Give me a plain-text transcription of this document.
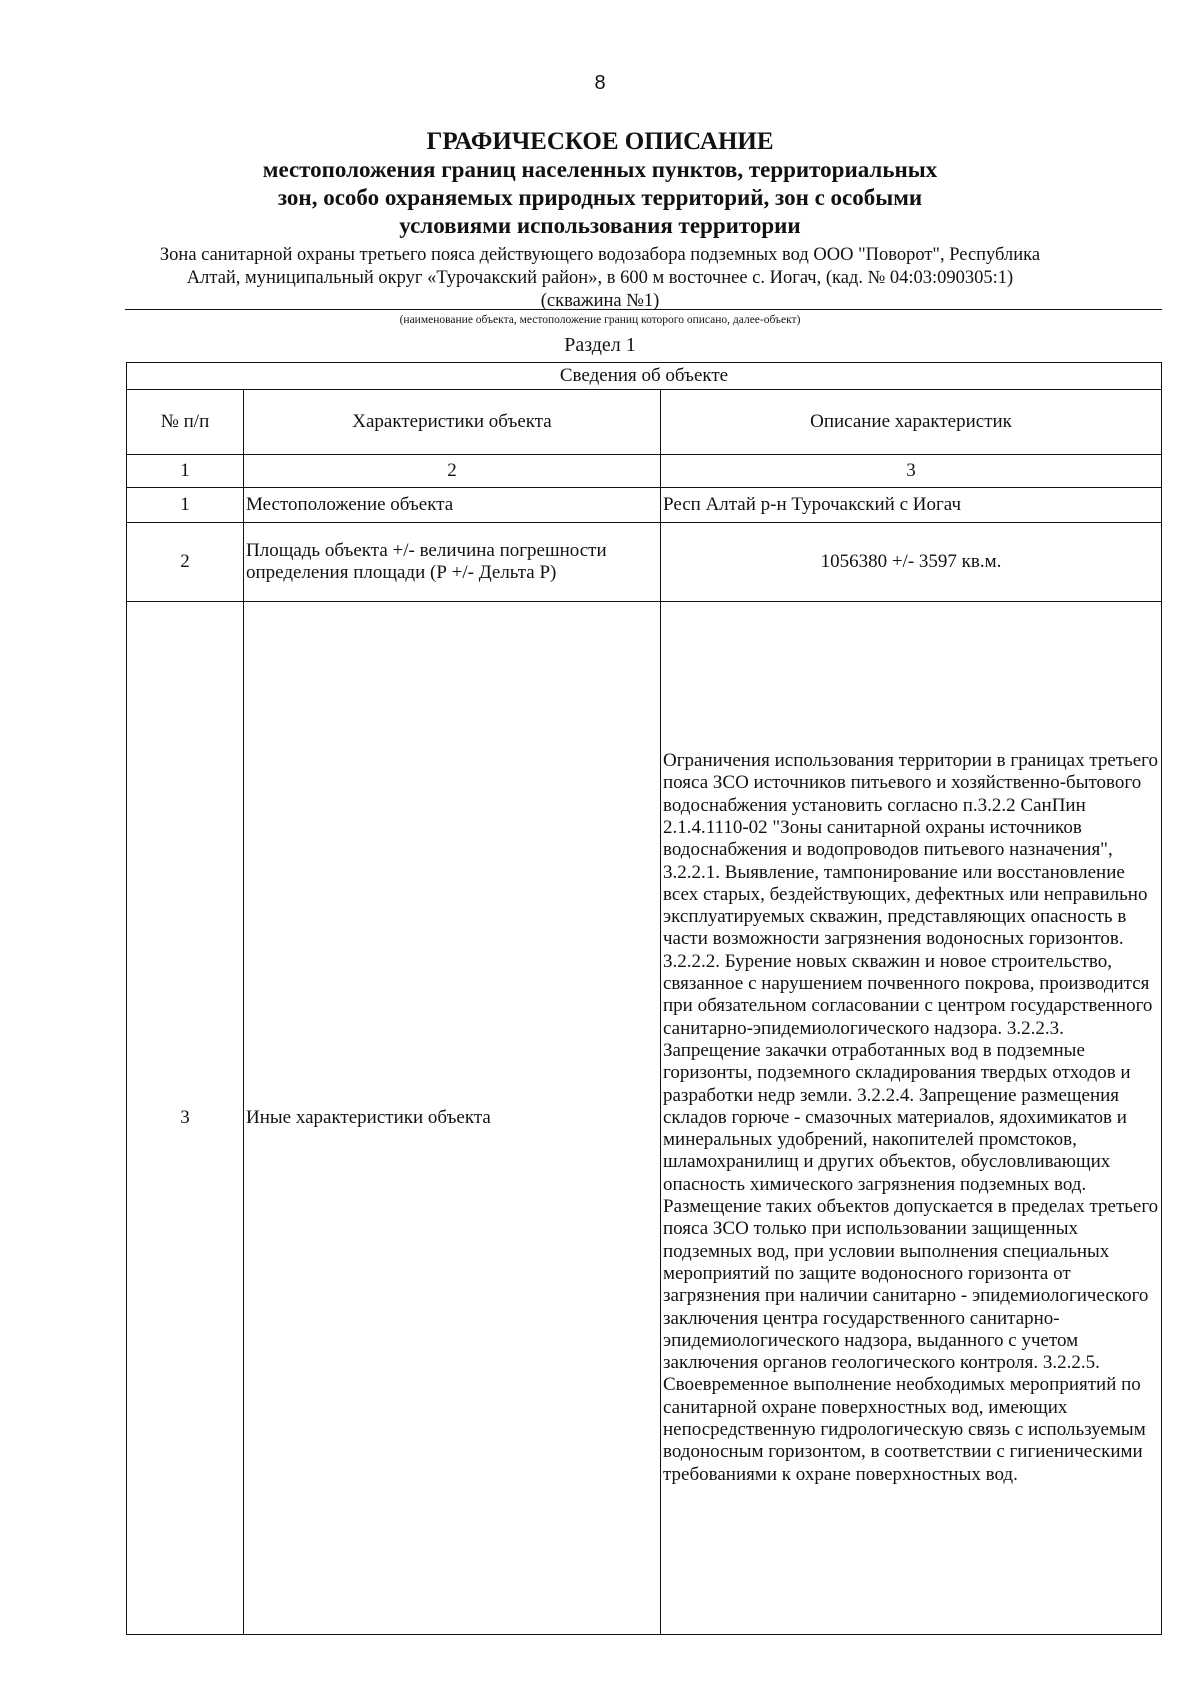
8
ГРАФИЧЕСКОЕ ОПИСАНИЕ
местоположения границ населенных пунктов, территориальных
зон, особо охраняемых природных территорий, зон с особыми
условиями использования территории
Зона санитарной охраны третьего пояса действующего водозабора подземных вод ООО "Поворот", Республика
Алтай, муниципальный округ «Турочакский район», в 600 м восточнее с. Иогач, (кад. № 04:03:090305:1)
(скважина №1)
(наименование объекта, местоположение границ которого описано, далее-объект)
Раздел 1
Сведения об объекте		
№ п/п	Характеристики объекта	Описание характеристик
1	2	3
1	Местоположение объекта	Респ Алтай р-н Турочакский с Иогач
2	Площадь объекта +/- величина погрешности определения площади (Р +/- Дельта Р)	1056380 +/- 3597 кв.м.
3	Иные характеристики объекта	Ограничения использования территории в границах третьего пояса ЗСО источников питьевого и хозяйственно-бытового водоснабжения установить согласно п.3.2.2 СанПин 2.1.4.1110-02 "Зоны санитарной охраны источников водоснабжения и водопроводов питьевого назначения", 3.2.2.1. Выявление, тампонирование или восстановление всех старых, бездействующих, дефектных или неправильно эксплуатируемых скважин, представляющих опасность в части возможности загрязнения водоносных горизонтов. 3.2.2.2. Бурение новых скважин и новое строительство, связанное с нарушением почвенного покрова, производится при обязательном согласовании с центром государственного санитарно-эпидемиологического надзора. 3.2.2.3. Запрещение закачки отработанных вод в подземные горизонты, подземного складирования твердых отходов и разработки недр земли. 3.2.2.4. Запрещение размещения складов горюче - смазочных материалов, ядохимикатов и минеральных удобрений, накопителей промстоков, шламохранилищ и других объектов, обусловливающих опасность химического загрязнения подземных вод. Размещение таких объектов допускается в пределах третьего пояса ЗСО только при использовании защищенных подземных вод, при условии выполнения специальных мероприятий по защите водоносного горизонта от загрязнения при наличии санитарно - эпидемиологического заключения центра государственного санитарно-эпидемиологического надзора, выданного с учетом заключения органов геологического контроля. 3.2.2.5. Своевременное выполнение необходимых мероприятий по санитарной охране поверхностных вод, имеющих непосредственную гидрологическую связь с используемым водоносным горизонтом, в соответствии с гигиеническими требованиями к охране поверхностных вод.
